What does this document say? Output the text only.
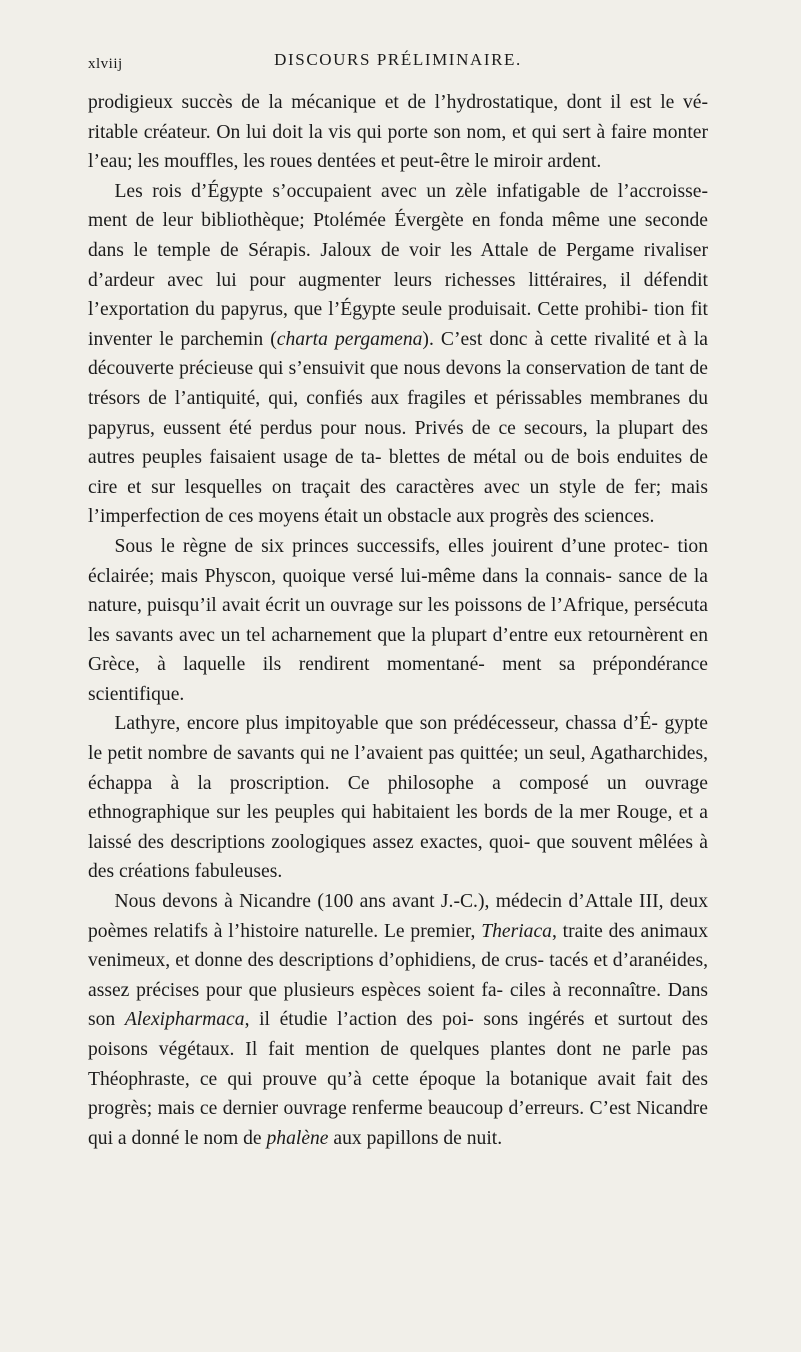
xlviij	DISCOURS PRÉLIMINAIRE.

prodigieux succès de la mécanique et de l’hydrostatique, dont il est le vé- ritable créateur. On lui doit la vis qui porte son nom, et qui sert à faire monter l’eau; les mouffles, les roues dentées et peut-être le miroir ardent.

Les rois d’Égypte s’occupaient avec un zèle infatigable de l’accroisse- ment de leur bibliothèque; Ptolémée Évergète en fonda même une seconde dans le temple de Sérapis. Jaloux de voir les Attale de Pergame rivaliser d’ardeur avec lui pour augmenter leurs richesses littéraires, il défendit l’exportation du papyrus, que l’Égypte seule produisait. Cette prohibi- tion fit inventer le parchemin (charta pergamena). C’est donc à cette rivalité et à la découverte précieuse qui s’ensuivit que nous devons la conservation de tant de trésors de l’antiquité, qui, confiés aux fragiles et périssables membranes du papyrus, eussent été perdus pour nous. Privés de ce secours, la plupart des autres peuples faisaient usage de ta- blettes de métal ou de bois enduites de cire et sur lesquelles on traçait des caractères avec un style de fer; mais l’imperfection de ces moyens était un obstacle aux progrès des sciences.

Sous le règne de six princes successifs, elles jouirent d’une protec- tion éclairée; mais Physcon, quoique versé lui-même dans la connais- sance de la nature, puisqu’il avait écrit un ouvrage sur les poissons de l’Afrique, persécuta les savants avec un tel acharnement que la plupart d’entre eux retournèrent en Grèce, à laquelle ils rendirent momentané- ment sa prépondérance scientifique.

Lathyre, encore plus impitoyable que son prédécesseur, chassa d’É- gypte le petit nombre de savants qui ne l’avaient pas quittée; un seul, Agatharchides, échappa à la proscription. Ce philosophe a composé un ouvrage ethnographique sur les peuples qui habitaient les bords de la mer Rouge, et a laissé des descriptions zoologiques assez exactes, quoi- que souvent mêlées à des créations fabuleuses.

Nous devons à Nicandre (100 ans avant J.-C.), médecin d’Attale III, deux poèmes relatifs à l’histoire naturelle. Le premier, Theriaca, traite des animaux venimeux, et donne des descriptions d’ophidiens, de crus- tacés et d’aranéides, assez précises pour que plusieurs espèces soient fa- ciles à reconnaître. Dans son Alexipharmaca, il étudie l’action des poi- sons ingérés et surtout des poisons végétaux. Il fait mention de quelques plantes dont ne parle pas Théophraste, ce qui prouve qu’à cette époque la botanique avait fait des progrès; mais ce dernier ouvrage renferme beaucoup d’erreurs. C’est Nicandre qui a donné le nom de phalène aux papillons de nuit.
